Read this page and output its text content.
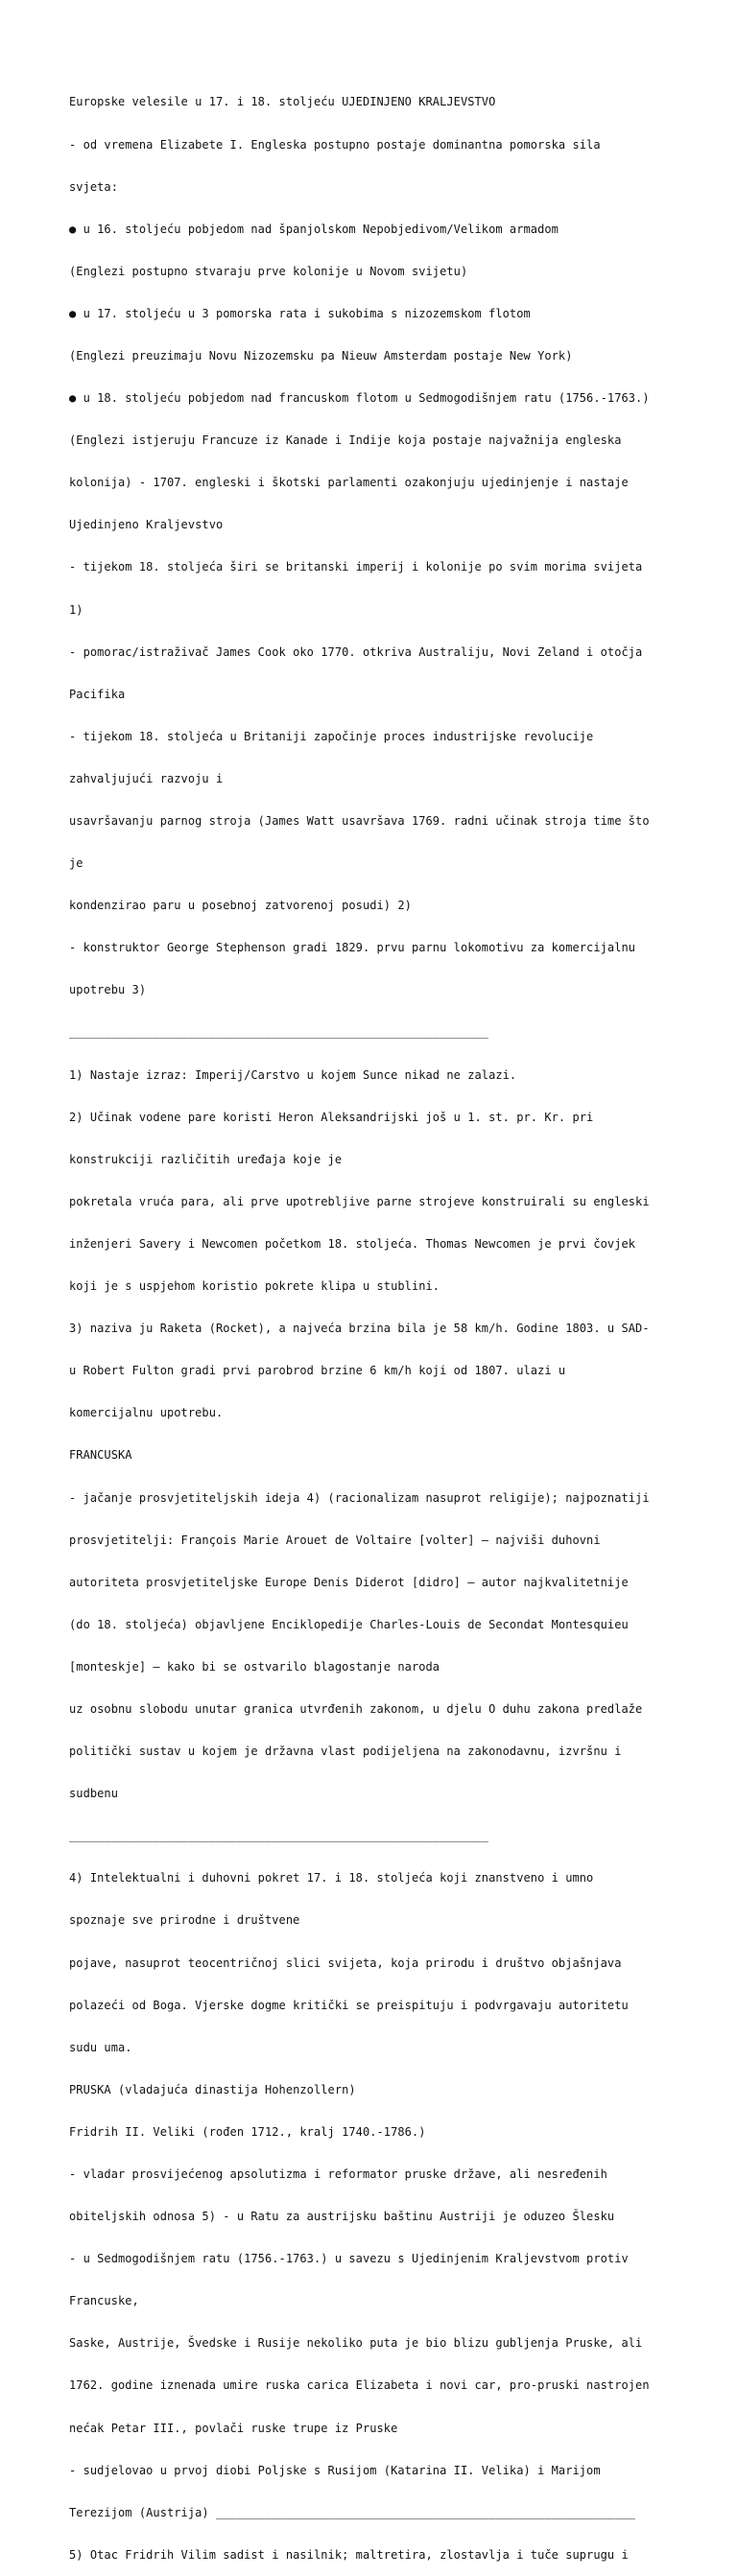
Europske velesile u 17. i 18. stoljeću UJEDINJENO KRALJEVSTVO

- od vremena Elizabete I. Engleska postupno postaje dominantna pomorska sila

svjeta:

● u 16. stoljeću pobjedom nad španjolskom Nepobjedivom/Velikom armadom

(Englezi postupno stvaraju prve kolonije u Novom svijetu)

● u 17. stoljeću u 3 pomorska rata i sukobima s nizozemskom flotom

(Englezi preuzimaju Novu Nizozemsku pa Nieuw Amsterdam postaje New York)

● u 18. stoljeću pobjedom nad francuskom flotom u Sedmogodišnjem ratu (1756.-1763.)

(Englezi istjeruju Francuze iz Kanade i Indije koja postaje najvažnija engleska

kolonija) - 1707. engleski i škotski parlamenti ozakonjuju ujedinjenje i nastaje

Ujedinjeno Kraljevstvo

- tijekom 18. stoljeća širi se britanski imperij i kolonije po svim morima svijeta

1)

- pomorac/istraživač James Cook oko 1770. otkriva Australiju, Novi Zeland i otočja

Pacifika

- tijekom 18. stoljeća u Britaniji započinje proces industrijske revolucije

zahvaljujući razvoju i

usavršavanju parnog stroja (James Watt usavršava 1769. radni učinak stroja time što

je

kondenzirao paru u posebnoj zatvorenoj posudi) 2)

- konstruktor George Stephenson gradi 1829. prvu parnu lokomotivu za komercijalnu

upotrebu 3)

____________________________________________________________

1) Nastaje izraz: Imperij/Carstvo u kojem Sunce nikad ne zalazi.

2) Učinak vodene pare koristi Heron Aleksandrijski još u 1. st. pr. Kr. pri

konstrukciji različitih uređaja koje je

pokretala vruća para, ali prve upotrebljive parne strojeve konstruirali su engleski

inženjeri Savery i Newcomen početkom 18. stoljeća. Thomas Newcomen je prvi čovjek

koji je s uspjehom koristio pokrete klipa u stublini.

3) naziva ju Raketa (Rocket), a najveća brzina bila je 58 km/h. Godine 1803. u SAD-

u Robert Fulton gradi prvi parobrod brzine 6 km/h koji od 1807. ulazi u

komercijalnu upotrebu.

FRANCUSKA

- jačanje prosvjetiteljskih ideja 4) (racionalizam nasuprot religije); najpoznatiji

prosvjetitelji: François Marie Arouet de Voltaire [volter] – najviši duhovni

autoriteta prosvjetiteljske Europe Denis Diderot [didro] – autor najkvalitetnije

(do 18. stoljeća) objavljene Enciklopedije Charles-Louis de Secondat Montesquieu

[monteskje] – kako bi se ostvarilo blagostanje naroda

uz osobnu slobodu unutar granica utvrđenih zakonom, u djelu O duhu zakona predlaže

politički sustav u kojem je državna vlast podijeljena na zakonodavnu, izvršnu i

sudbenu

____________________________________________________________

4) Intelektualni i duhovni pokret 17. i 18. stoljeća koji znanstveno i umno

spoznaje sve prirodne i društvene

pojave, nasuprot teocentričnoj slici svijeta, koja prirodu i društvo objašnjava

polazeći od Boga. Vjerske dogme kritički se preispituju i podvrgavaju autoritetu

sudu uma.

PRUSKA (vladajuća dinastija Hohenzollern)

Fridrih II. Veliki (rođen 1712., kralj 1740.-1786.)

- vladar prosviјećenog apsolutizma i reformator pruske države, ali nesređenih

obiteljskih odnosa 5) - u Ratu za austrijsku baštinu Austriji je oduzeo Šlesku

- u Sedmogodišnjem ratu (1756.-1763.) u savezu s Ujedinjenim Kraljevstvom protiv

Francuske,

Saske, Austrije, Švedske i Rusije nekoliko puta je bio blizu gubljenja Pruske, ali

1762. godine iznenada umire ruska carica Elizabeta i novi car, pro-pruski nastrojen

nećak Petar III., povlači ruske trupe iz Pruske

- sudjelovao u prvoj diobi Poljske s Rusijom (Katarina II. Velika) i Marijom

Terezijom (Austrija) ____________________________________________________________

5) Otac Fridrih Vilim sadist i nasilnik; maltretira, zlostavlja i tuče suprugu i
